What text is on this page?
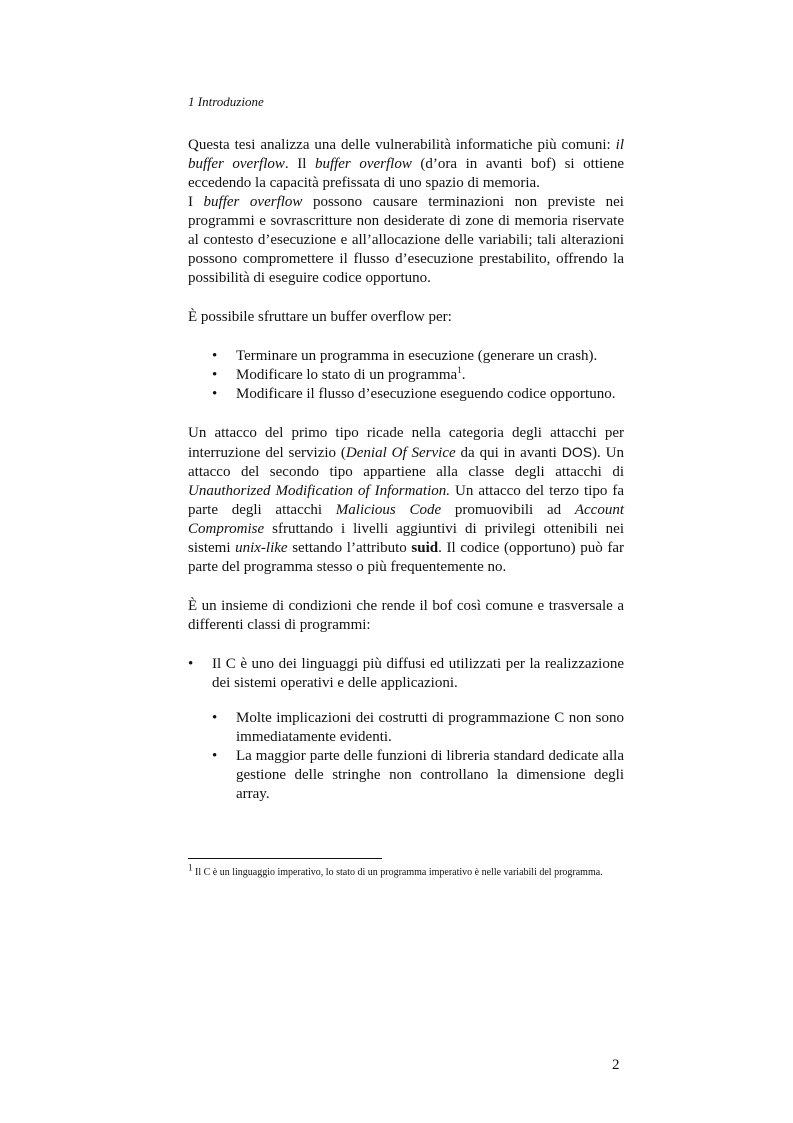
1 Introduzione

Questa tesi analizza una delle vulnerabilità informatiche più comuni: il buffer overflow. Il buffer overflow (d’ora in avanti bof) si ottiene eccedendo la capacità prefissata di uno spazio di memoria.

I buffer overflow possono causare terminazioni non previste nei programmi e sovrascritture non desiderate di zone di memoria riservate al contesto d’esecuzione e all’allocazione delle variabili; tali alterazioni possono compromettere il flusso d’esecuzione prestabilito, offrendo la possibilità di eseguire codice opportuno.

È possibile sfruttare un buffer overflow per:

• Terminare un programma in esecuzione (generare un crash).
• Modificare lo stato di un programma$^1$.
• Modificare il flusso d’esecuzione eseguendo codice opportuno.

Un attacco del primo tipo ricade nella categoria degli attacchi per interruzione del servizio (Denial Of Service da qui in avanti DOS). Un attacco del secondo tipo appartiene alla classe degli attacchi di Unauthorized Modification of Information. Un attacco del terzo tipo fa parte degli attacchi Malicious Code promuovibili ad Account Compromise sfruttando i livelli aggiuntivi di privilegi ottenibili nei sistemi unix-like settando l’attributo suid. Il codice (opportuno) può far parte del programma stesso o più frequentemente no.

È un insieme di condizioni che rende il bof così comune e trasversale a differenti classi di programmi:

• Il C è uno dei linguaggi più diffusi ed utilizzati per la realizzazione dei sistemi operativi e delle applicazioni.
• Molte implicazioni dei costrutti di programmazione C non sono immediatamente evidenti.
• La maggior parte delle funzioni di libreria standard dedicate alla gestione delle stringhe non controllano la dimensione degli array.
$^1$ Il C è un linguaggio imperativo, lo stato di un programma imperativo è nelle variabili del programma.
2
